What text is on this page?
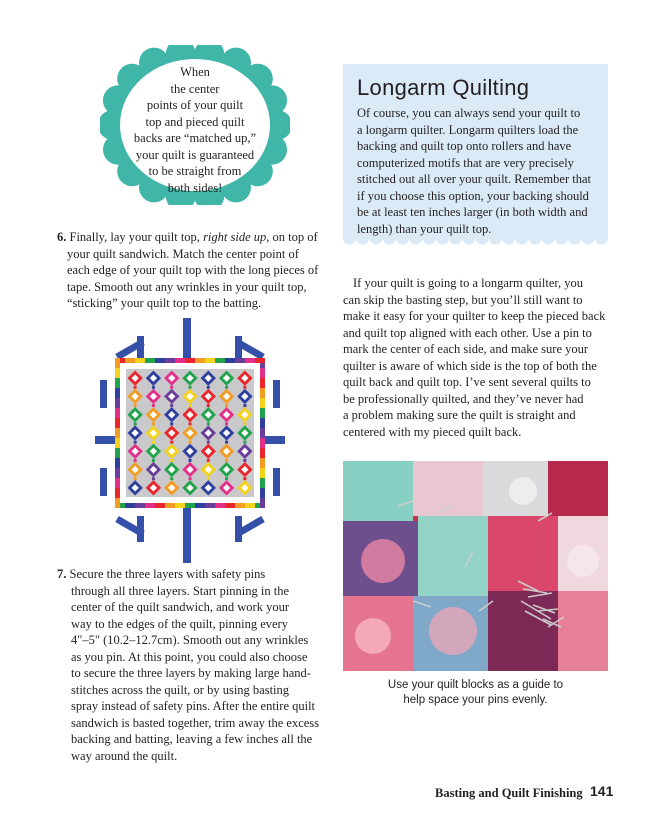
When
the center
points of your quilt
top and pieced quilt
backs are “matched up,”
your quilt is guaranteed
to be straight from
both sides!

6. Finally, lay your quilt top, right side up, on top of

your quilt sandwich. Match the center point of

each edge of your quilt top with the long pieces of

tape. Smooth out any wrinkles in your quilt top,

“sticking” your quilt top to the batting.

7. Secure the three layers with safety pins

through all three layers. Start pinning in the

center of the quilt sandwich, and work your

way to the edges of the quilt, pinning every

4"–5" (10.2–12.7cm). Smooth out any wrinkles

as you pin. At this point, you could also choose

to secure the three layers by making large hand-

stitches across the quilt, or by using basting

spray instead of safety pins. After the entire quilt

sandwich is basted together, trim away the excess

backing and batting, leaving a few inches all the

way around the quilt.

Longarm Quilting
Of course, you can always send your quilt to
a longarm quilter. Longarm quilters load the
backing and quilt top onto rollers and have
computerized motifs that are very precisely
stitched out all over your quilt. Remember that
if you choose this option, your backing should
be at least ten inches larger (in both width and
length) than your quilt top.

If your quilt is going to a longarm quilter, you

can skip the basting step, but you’ll still want to

make it easy for your quilter to keep the pieced back

and quilt top aligned with each other. Use a pin to

mark the center of each side, and make sure your

quilter is aware of which side is the top of both the

quilt back and quilt top. I’ve sent several quilts to

be professionally quilted, and they’ve never had

a problem making sure the quilt is straight and

centered with my pieced quilt back.

Use your quilt blocks as a guide to
help space your pins evenly.
Basting and Quilt Finishing 141
